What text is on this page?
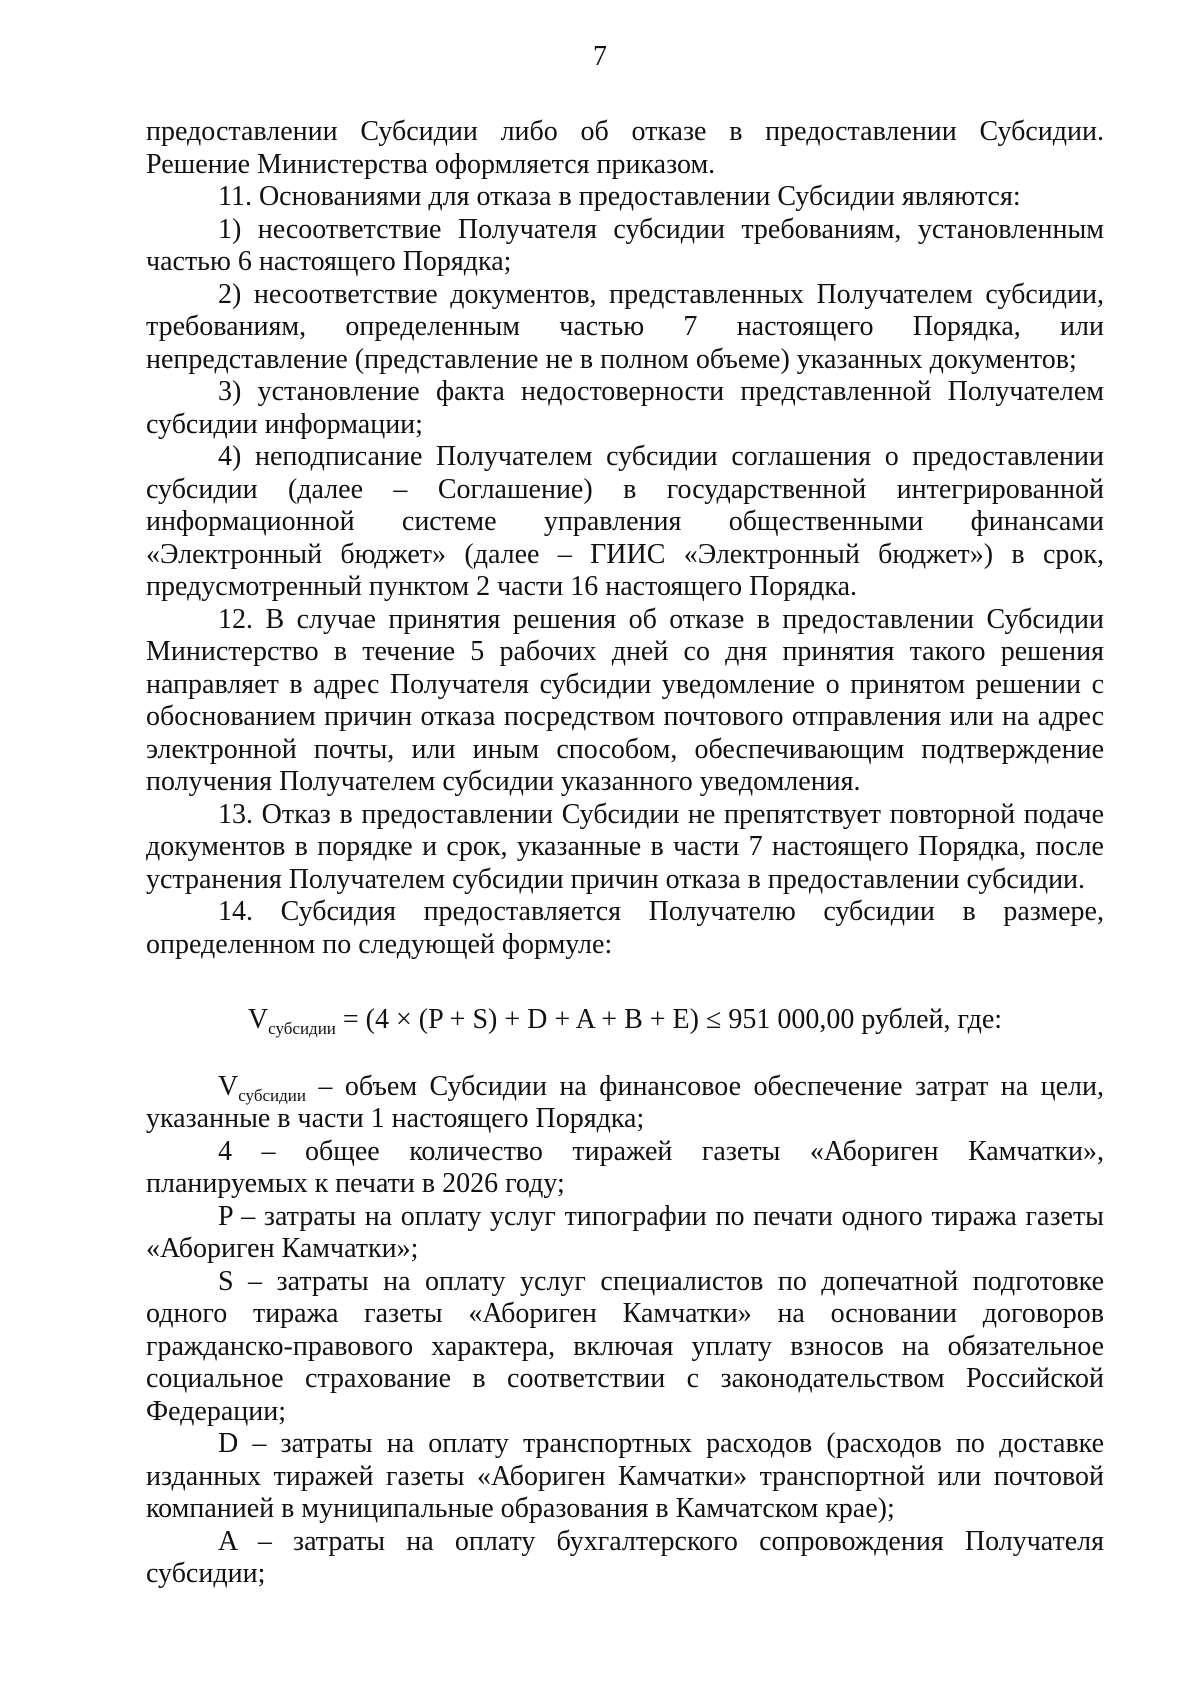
7

предоставлении Субсидии либо об отказе в предоставлении Субсидии. Решение Министерства оформляется приказом.

11. Основаниями для отказа в предоставлении Субсидии являются:

1) несоответствие Получателя субсидии требованиям, установленным частью 6 настоящего Порядка;

2) несоответствие документов, представленных Получателем субсидии, требованиям, определенным частью 7 настоящего Порядка, или непредставление (представление не в полном объеме) указанных документов;

3) установление факта недостоверности представленной Получателем субсидии информации;

4) неподписание Получателем субсидии соглашения о предоставлении субсидии (далее – Соглашение) в государственной интегрированной информационной системе управления общественными финансами «Электронный бюджет» (далее – ГИИС «Электронный бюджет») в срок, предусмотренный пунктом 2 части 16 настоящего Порядка.

12. В случае принятия решения об отказе в предоставлении Субсидии Министерство в течение 5 рабочих дней со дня принятия такого решения направляет в адрес Получателя субсидии уведомление о принятом решении с обоснованием причин отказа посредством почтового отправления или на адрес электронной почты, или иным способом, обеспечивающим подтверждение получения Получателем субсидии указанного уведомления.

13. Отказ в предоставлении Субсидии не препятствует повторной подаче документов в порядке и срок, указанные в части 7 настоящего Порядка, после устранения Получателем субсидии причин отказа в предоставлении субсидии.

14. Субсидия предоставляется Получателю субсидии в размере, определенном по следующей формуле:

$V_{субсидии} = (4 \times (P + S) + D + A + B + E) \le 951$ 000,00 рублей, где:

$V_{субсидии}$ – объем Субсидии на финансовое обеспечение затрат на цели, указанные в части 1 настоящего Порядка;

4 – общее количество тиражей газеты «Абориген Камчатки», планируемых к печати в 2026 году;

P – затраты на оплату услуг типографии по печати одного тиража газеты «Абориген Камчатки»;

S – затраты на оплату услуг специалистов по допечатной подготовке одного тиража газеты «Абориген Камчатки» на основании договоров гражданско-правового характера, включая уплату взносов на обязательное социальное страхование в соответствии с законодательством Российской Федерации;

D – затраты на оплату транспортных расходов (расходов по доставке изданных тиражей газеты «Абориген Камчатки» транспортной или почтовой компанией в муниципальные образования в Камчатском крае);

A – затраты на оплату бухгалтерского сопровождения Получателя субсидии;
